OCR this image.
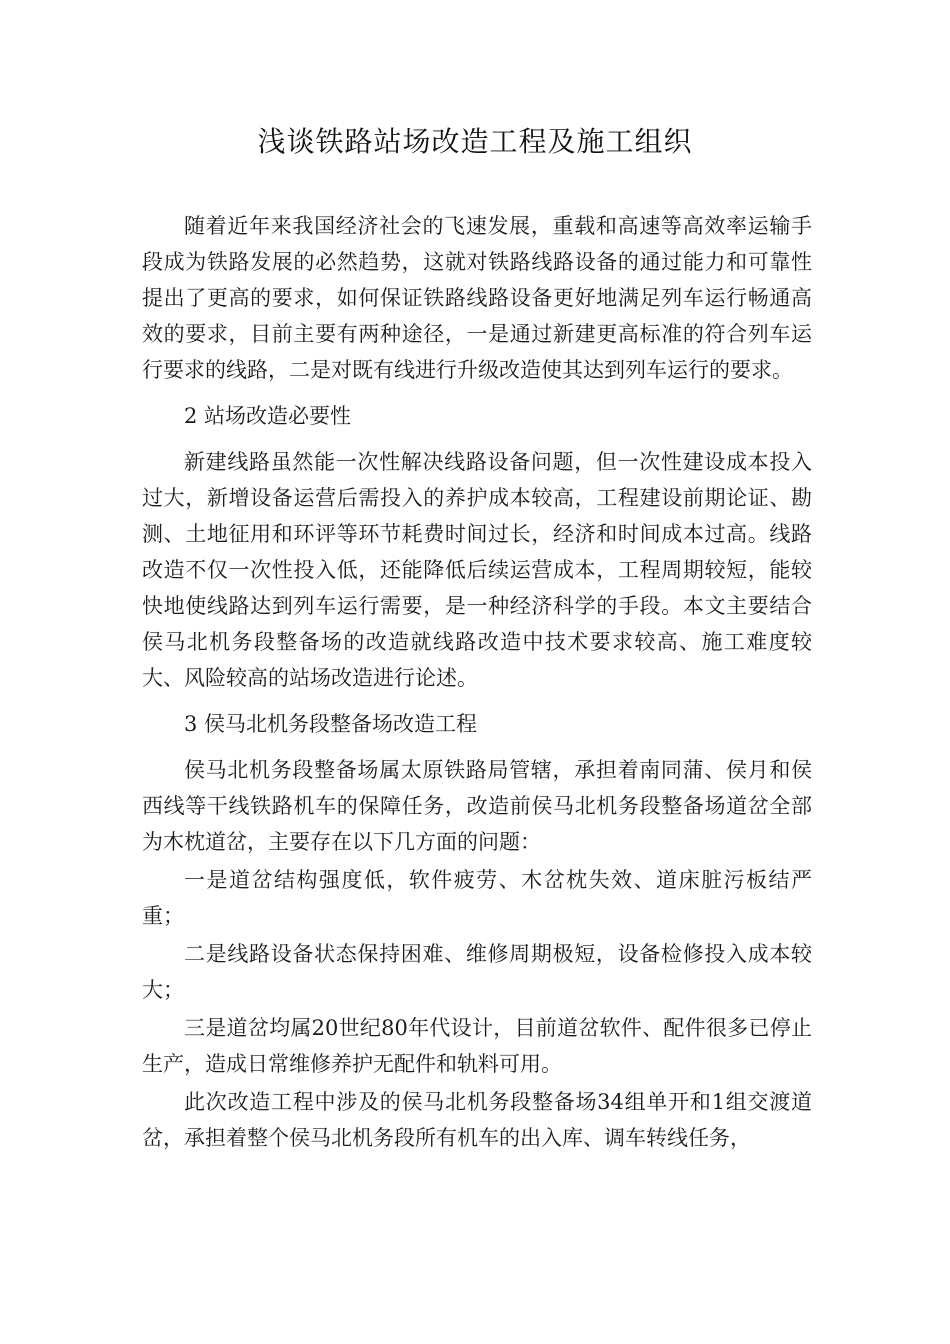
浅谈铁路站场改造工程及施工组织

随着近年来我国经济社会的飞速发展，重载和高速等高效率运输手段成为铁路发展的必然趋势，这就对铁路线路设备的通过能力和可靠性提出了更高的要求，如何保证铁路线路设备更好地满足列车运行畅通高效的要求，目前主要有两种途径，一是通过新建更高标准的符合列车运行要求的线路，二是对既有线进行升级改造使其达到列车运行的要求。

2 站场改造必要性

新建线路虽然能一次性解决线路设备问题，但一次性建设成本投入过大，新增设备运营后需投入的养护成本较高，工程建设前期论证、勘测、土地征用和环评等环节耗费时间过长，经济和时间成本过高。线路改造不仅一次性投入低，还能降低后续运营成本，工程周期较短，能较快地使线路达到列车运行需要，是一种经济科学的手段。本文主要结合侯马北机务段整备场的改造就线路改造中技术要求较高、施工难度较大、风险较高的站场改造进行论述。

3 侯马北机务段整备场改造工程

侯马北机务段整备场属太原铁路局管辖，承担着南同蒲、侯月和侯西线等干线铁路机车的保障任务，改造前侯马北机务段整备场道岔全部为木枕道岔，主要存在以下几方面的问题：

一是道岔结构强度低，软件疲劳、木岔枕失效、道床脏污板结严重；

二是线路设备状态保持困难、维修周期极短，设备检修投入成本较大；

三是道岔均属20世纪80年代设计，目前道岔软件、配件很多已停止生产，造成日常维修养护无配件和轨料可用。

此次改造工程中涉及的侯马北机务段整备场34组单开和1组交渡道岔，承担着整个侯马北机务段所有机车的出入库、调车转线任务，
